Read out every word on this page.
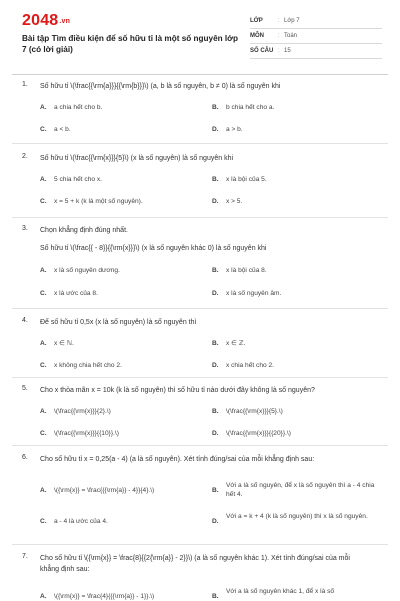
2048.vn
Bài tập Tìm điều kiện để số hữu tỉ là một số nguyên lớp 7 (có lời giải)
LỚP	: Lớp 7
MÔN	: Toán
SỐ CÂU : 15
1. Số hữu tỉ \(\frac{{\rm{a}}}{{\rm{b}}}\) (a, b là số nguyên, b ≠ 0) là số nguyên khi
A. a chia hết cho b.	B. b chia hết cho a.
C. a < b.	D. a > b.
2. Số hữu tỉ \(\frac{{\rm{x}}}{5}\) (x là số nguyên) là số nguyên khi
A. 5 chia hết cho x.	B. x là bội của 5.
C. x = 5 + k (k là một số nguyên).	D. x > 5.
3. Chọn khẳng định đúng nhất.
Số hữu tỉ \(\frac{{ - 8}}{{\rm{x}}}\) (x là số nguyên khác 0) là số nguyên khi
A. x là số nguyên dương.	B. x là bội của 8.
C. x là ước của 8.	D. x là số nguyên âm.
4. Để số hữu tỉ 0,5x (x là số nguyên) là số nguyên thì
A. x ∈ ℕ.	B. x ∈ ℤ.
C. x không chia hết cho 2.	D. x chia hết cho 2.
5. Cho x thỏa mãn x = 10k (k là số nguyên) thì số hữu tỉ nào dưới đây không là số nguyên?
A. \(\frac{{\rm{x}}}{2}.\)	B. \(\frac{{\rm{x}}}{5}.\)
C. \(\frac{{\rm{x}}}{{10}}.\)	D. \(\frac{{\rm{x}}}{{20}}.\)
6. Cho số hữu tỉ x = 0,25(a - 4) (a là số nguyên). Xét tính đúng/sai của mỗi khẳng định sau:
A. \({\rm{x}} = \frac{{{\rm{a}} - 4}}{4}.\)	B.
Với a là số nguyên, để x là số nguyên thì a - 4 chia hết 4.
C. a - 4 là ước của 4.	D.
Với a = k + 4 (k là số nguyên) thì x là số nguyên.
7. Cho số hữu tỉ \({\rm{x}} = \frac{8}{{2{\rm{a}} - 2}}\) (a là số nguyên khác 1). Xét tính đúng/sai của mỗi khẳng định sau:
A. \({\rm{x}} = \frac{4}{{{\rm{a}} - 1}}.\)	B.
Với a là số nguyên khác 1, để x là số
